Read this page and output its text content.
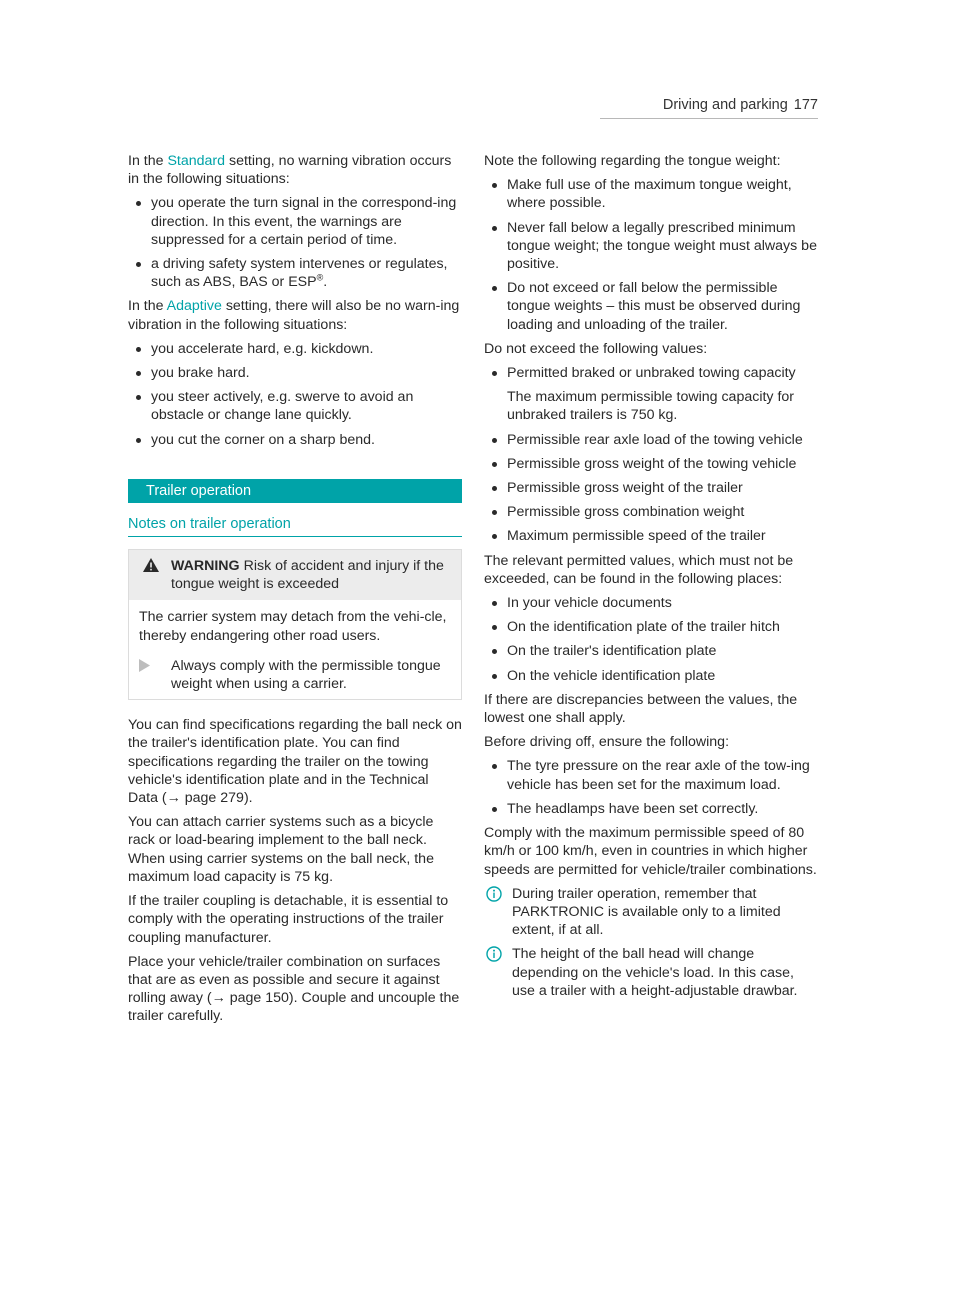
Driving and parking 177

In the Standard setting, no warning vibration occurs in the following situations:

you operate the turn signal in the correspond-ing direction. In this event, the warnings are suppressed for a certain period of time.
a driving safety system intervenes or regulates, such as ABS, BAS or ESP®.

In the Adaptive setting, there will also be no warn-ing vibration in the following situations:

you accelerate hard, e.g. kickdown.
you brake hard.
you steer actively, e.g. swerve to avoid an obstacle or change lane quickly.
you cut the corner on a sharp bend.
Trailer operation
Notes on trailer operation
WARNING Risk of accident and injury if the tongue weight is exceeded
The carrier system may detach from the vehi-cle, thereby endangering other road users.
Always comply with the permissible tongue weight when using a carrier.

You can find specifications regarding the ball neck on the trailer's identification plate. You can find specifications regarding the trailer on the towing vehicle's identification plate and in the Technical Data (→ page 279).

You can attach carrier systems such as a bicycle rack or load-bearing implement to the ball neck. When using carrier systems on the ball neck, the maximum load capacity is 75 kg.

If the trailer coupling is detachable, it is essential to comply with the operating instructions of the trailer coupling manufacturer.

Place your vehicle/trailer combination on surfaces that are as even as possible and secure it against rolling away (→ page 150). Couple and uncouple the trailer carefully.

Note the following regarding the tongue weight:

Make full use of the maximum tongue weight, where possible.
Never fall below a legally prescribed minimum tongue weight; the tongue weight must always be positive.
Do not exceed or fall below the permissible tongue weights – this must be observed during loading and unloading of the trailer.

Do not exceed the following values:

Permitted braked or unbraked towing capacity
The maximum permissible towing capacity for unbraked trailers is 750 kg.
Permissible rear axle load of the towing vehicle
Permissible gross weight of the towing vehicle
Permissible gross weight of the trailer
Permissible gross combination weight
Maximum permissible speed of the trailer

The relevant permitted values, which must not be exceeded, can be found in the following places:

In your vehicle documents
On the identification plate of the trailer hitch
On the trailer's identification plate
On the vehicle identification plate

If there are discrepancies between the values, the lowest one shall apply.

Before driving off, ensure the following:

The tyre pressure on the rear axle of the tow-ing vehicle has been set for the maximum load.
The headlamps have been set correctly.

Comply with the maximum permissible speed of 80 km/h or 100 km/h, even in countries in which higher speeds are permitted for vehicle/trailer combinations.

During trailer operation, remember that PARKTRONIC is available only to a limited extent, if at all.
The height of the ball head will change depending on the vehicle's load. In this case, use a trailer with a height-adjustable drawbar.
